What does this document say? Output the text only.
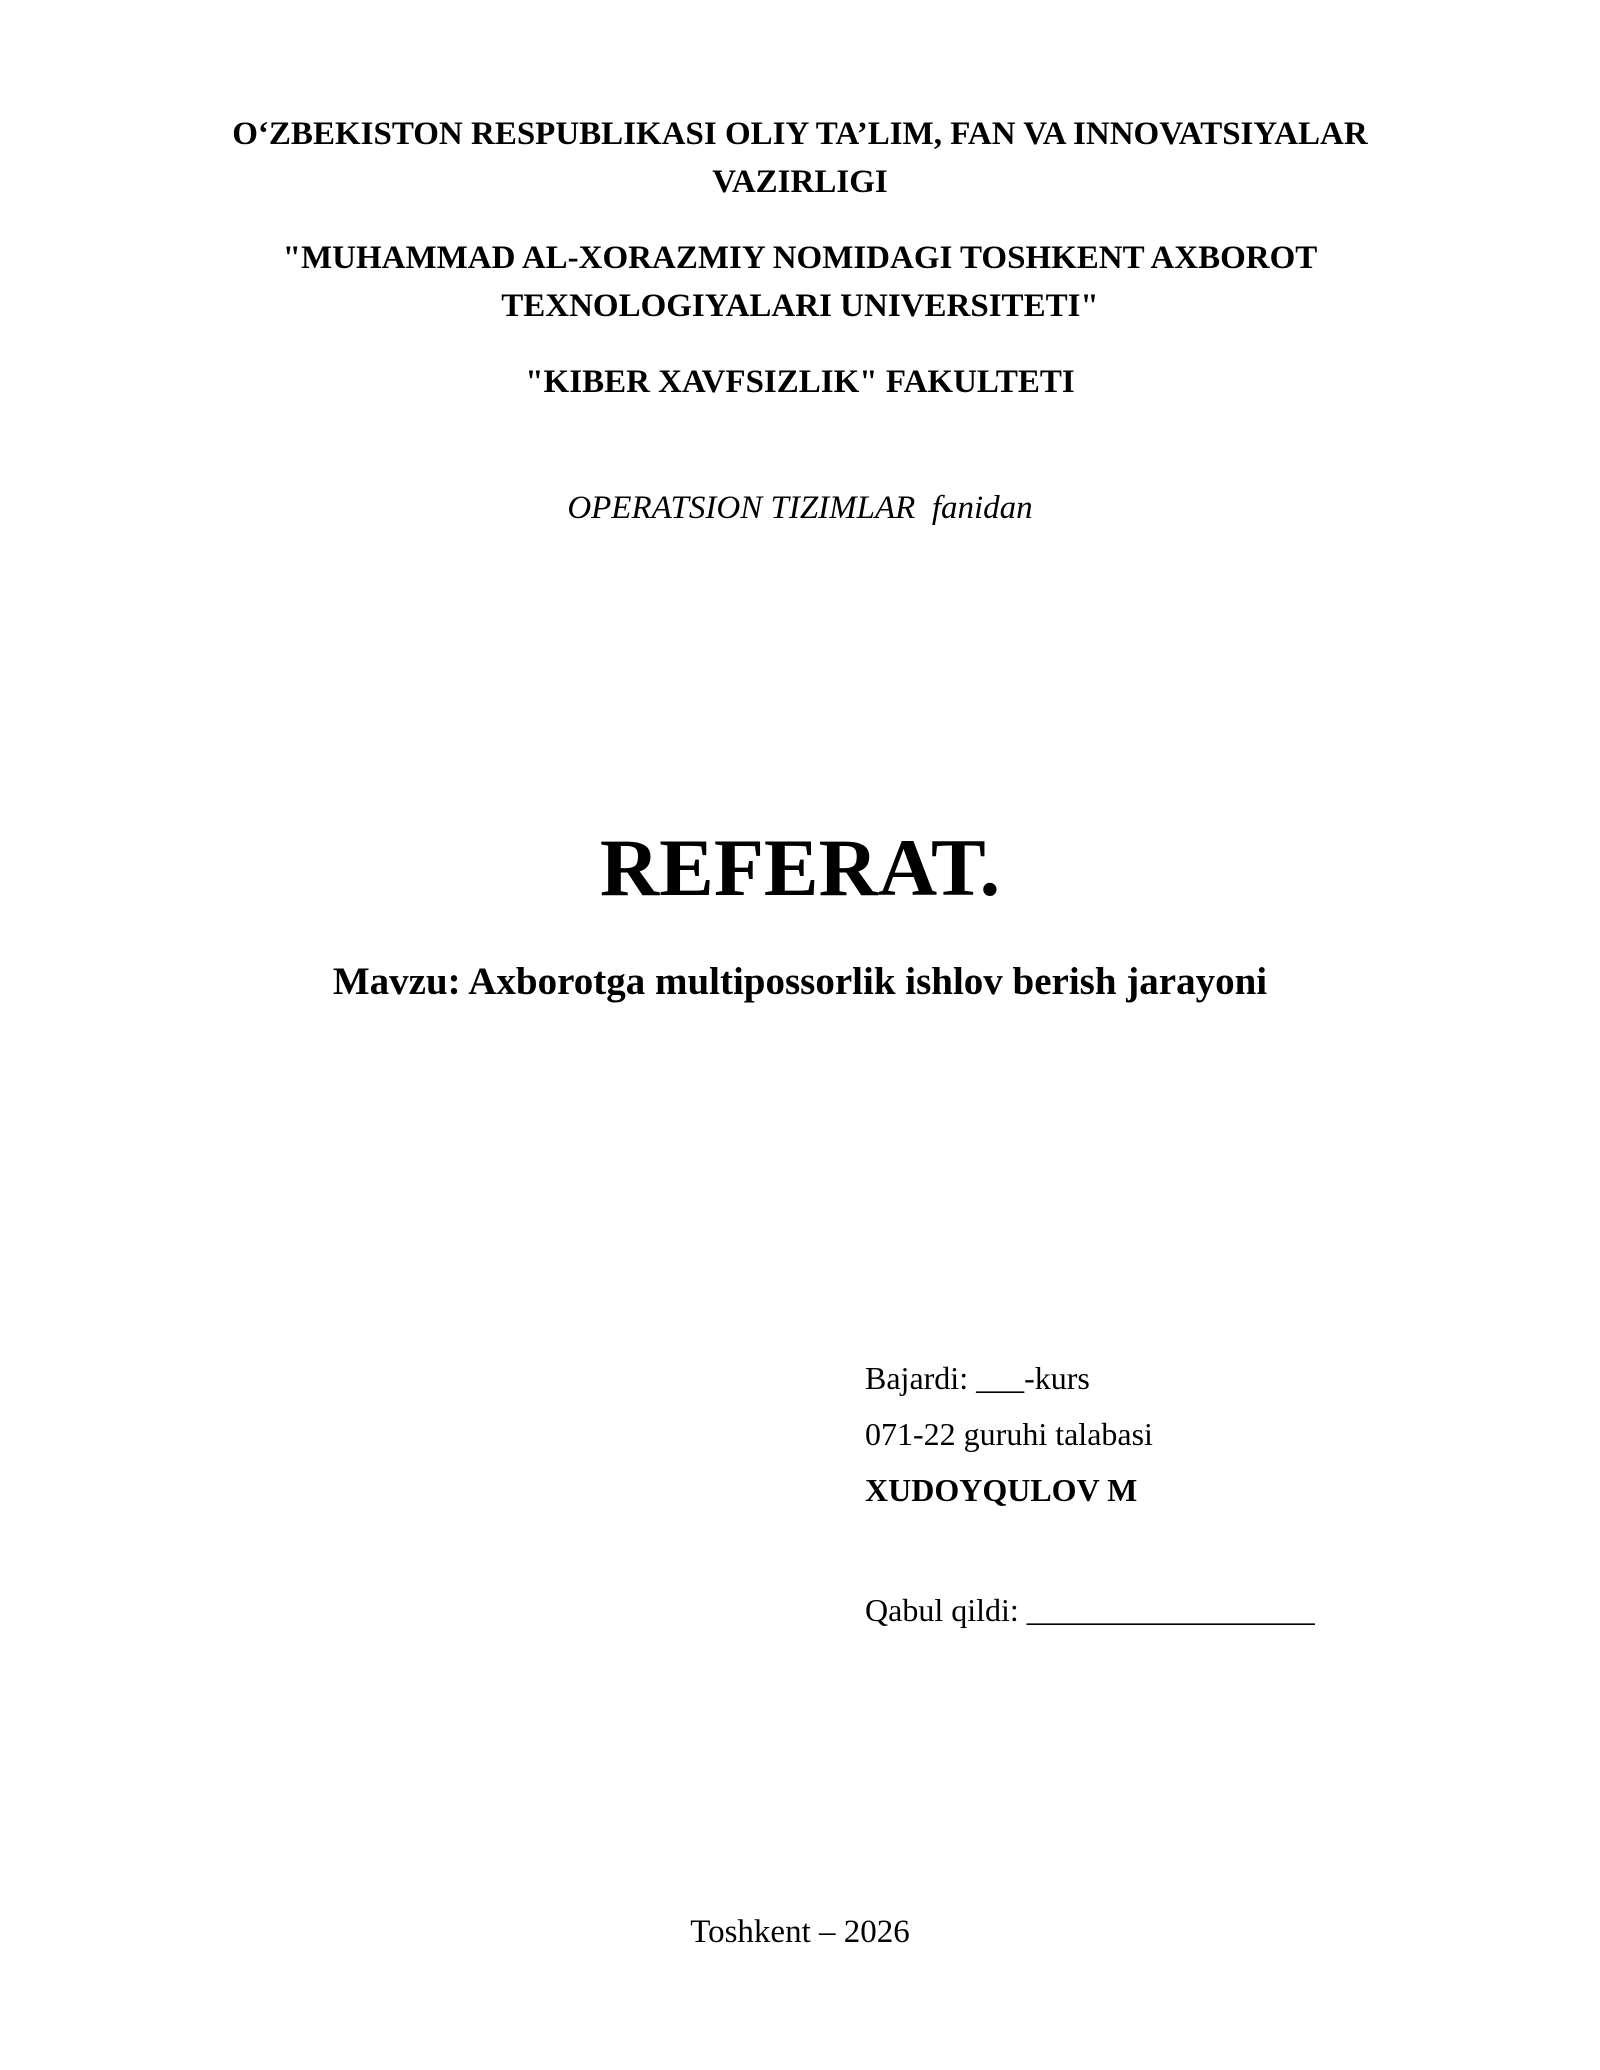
O‘ZBEKISTON RESPUBLIKASI OLIY TA’LIM, FAN VA INNOVATSIYALAR
VAZIRLIGI
"MUHAMMAD AL-XORAZMIY NOMIDAGI TOSHKENT AXBOROT
TEXNOLOGIYALARI UNIVERSITETI"
"KIBER XAVFSIZLIK" FAKULTETI
OPERATSION TIZIMLAR  fanidan
REFERAT.
Mavzu: Axborotga multipossorlik ishlov berish jarayoni
Bajardi: ___-kurs
071-22 guruhi talabasi
XUDOYQULOV M
Qabul qildi: __________________
Toshkent – 2026
